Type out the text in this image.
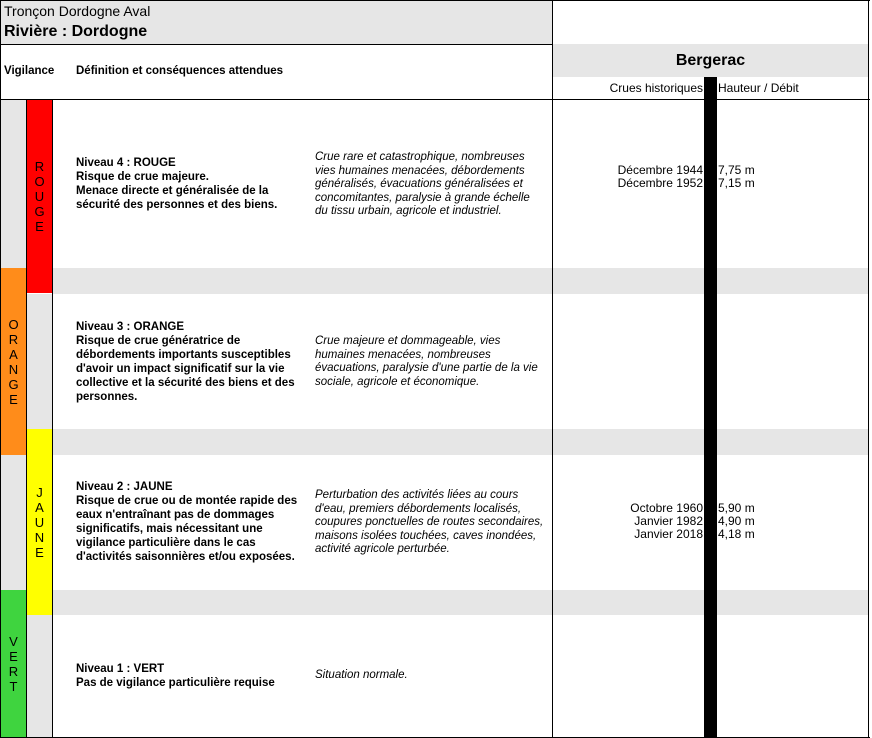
Tronçon Dordogne Aval
Rivière : Dordogne
Bergerac
Vigilance Définition et conséquences attendues
Crues historiques Hauteur / Débit
R
O
U
G
E
O
R
A
N
G
E
J
A
U
N
E
V
E
R
T
Niveau 4 : ROUGE
Risque de crue majeure.
Menace directe et généralisée de la
sécurité des personnes et des biens.
Crue rare et catastrophique, nombreuses
vies humaines menacées, débordements
généralisés, évacuations généralisées et
concomitantes, paralysie à grande échelle
du tissu urbain, agricole et industriel.
Décembre 1944
Décembre 1952
7,75 m
7,15 m
Niveau 3 : ORANGE
Risque de crue génératrice de
débordements importants susceptibles
d'avoir un impact significatif sur la vie
collective et la sécurité des biens et des
personnes.
Crue majeure et dommageable, vies
humaines menacées, nombreuses
évacuations, paralysie d'une partie de la vie
sociale, agricole et économique.
Niveau 2 : JAUNE
Risque de crue ou de montée rapide des
eaux n'entraînant pas de dommages
significatifs, mais nécessitant une
vigilance particulière dans le cas
d'activités saisonnières et/ou exposées.
Perturbation des activités liées au cours
d'eau, premiers débordements localisés,
coupures ponctuelles de routes secondaires,
maisons isolées touchées, caves inondées,
activité agricole perturbée.
Octobre 1960
Janvier 1982
Janvier 2018
5,90 m
4,90 m
4,18 m
Niveau 1 : VERT
Pas de vigilance particulière requise
Situation normale.
